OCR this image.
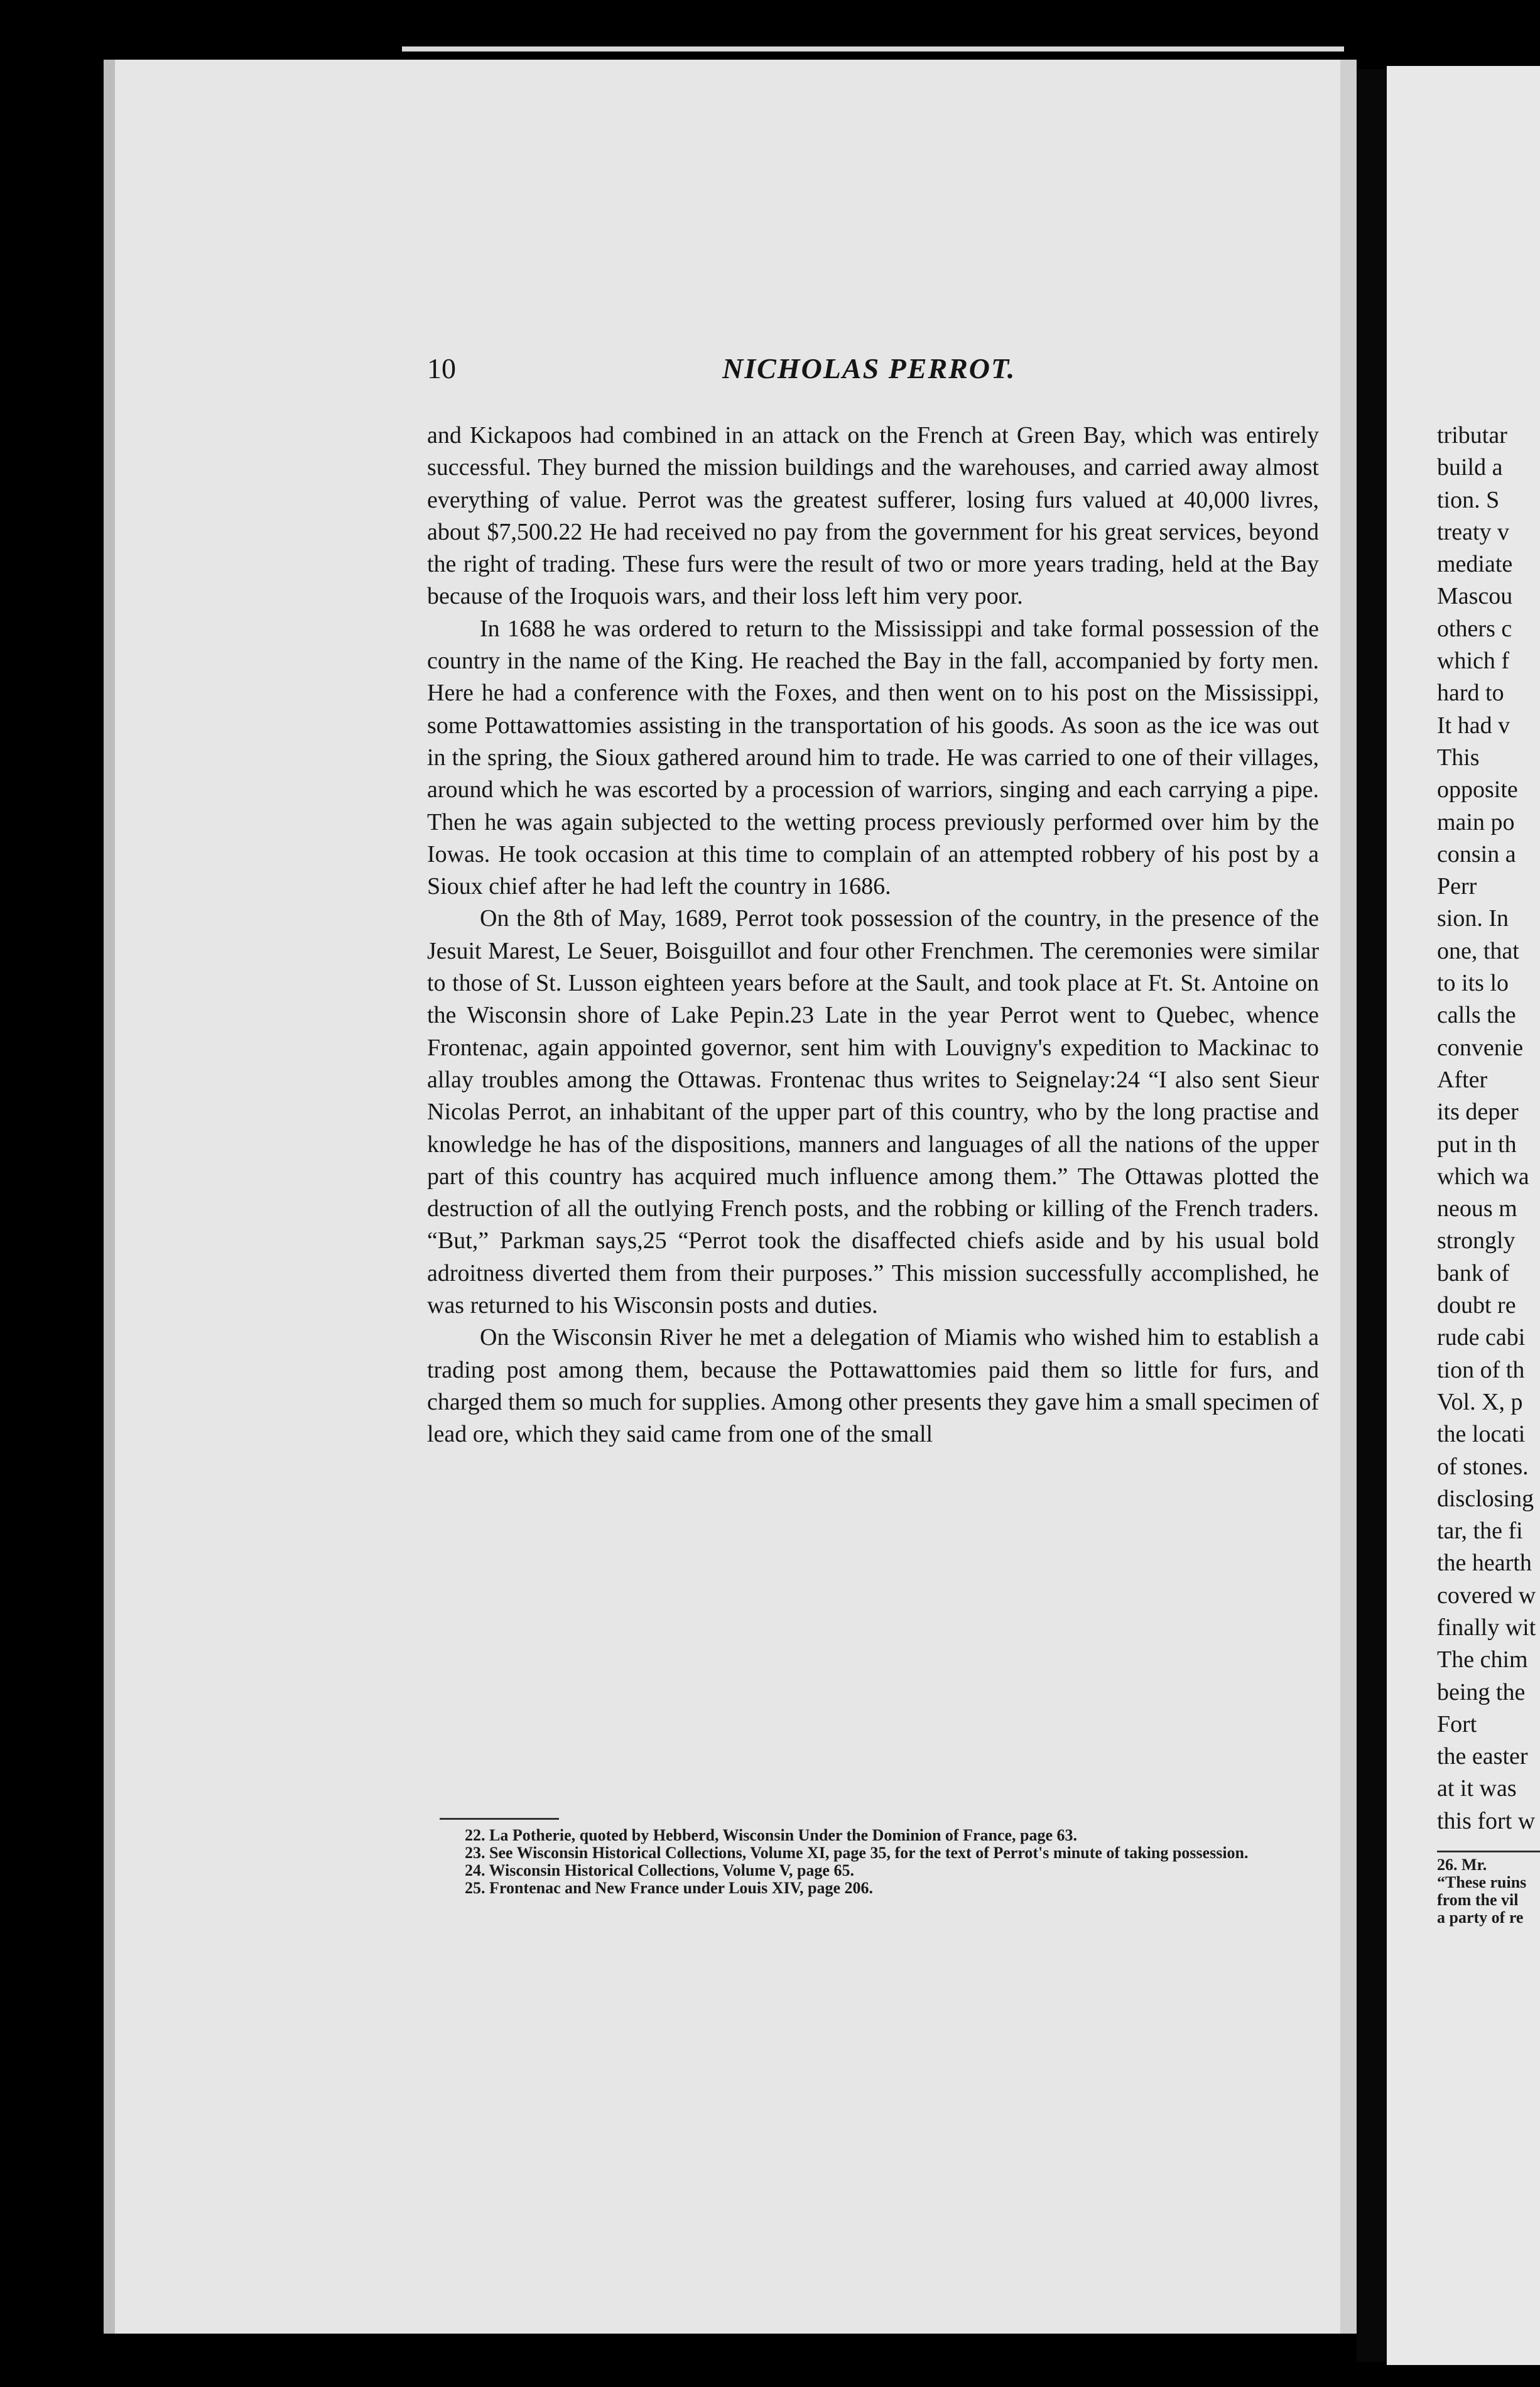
10	NICHOLAS PERROT.

and Kickapoos had combined in an attack on the French at Green Bay, which was entirely successful. They burned the mission buildings and the warehouses, and carried away almost everything of value. Perrot was the greatest sufferer, losing furs valued at 40,000 livres, about $7,500.22 He had received no pay from the government for his great services, beyond the right of trading. These furs were the result of two or more years trading, held at the Bay because of the Iroquois wars, and their loss left him very poor.

In 1688 he was ordered to return to the Mississippi and take formal possession of the country in the name of the King. He reached the Bay in the fall, accompanied by forty men. Here he had a conference with the Foxes, and then went on to his post on the Mississippi, some Pottawattomies assisting in the transportation of his goods. As soon as the ice was out in the spring, the Sioux gathered around him to trade. He was carried to one of their villages, around which he was escorted by a procession of warriors, singing and each carrying a pipe. Then he was again subjected to the wetting process previously performed over him by the Iowas. He took occasion at this time to complain of an attempted robbery of his post by a Sioux chief after he had left the country in 1686.

On the 8th of May, 1689, Perrot took possession of the country, in the presence of the Jesuit Marest, Le Seuer, Boisguillot and four other Frenchmen. The ceremonies were similar to those of St. Lusson eighteen years before at the Sault, and took place at Ft. St. Antoine on the Wisconsin shore of Lake Pepin.23 Late in the year Perrot went to Quebec, whence Frontenac, again appointed governor, sent him with Louvigny's expedition to Mackinac to allay troubles among the Ottawas. Frontenac thus writes to Seignelay:24 “I also sent Sieur Nicolas Perrot, an inhabitant of the upper part of this country, who by the long practise and knowledge he has of the dispositions, manners and languages of all the nations of the upper part of this country has acquired much influence among them.” The Ottawas plotted the destruction of all the outlying French posts, and the robbing or killing of the French traders. “But,” Parkman says,25 “Perrot took the disaffected chiefs aside and by his usual bold adroitness diverted them from their purposes.” This mission successfully accomplished, he was returned to his Wisconsin posts and duties.

On the Wisconsin River he met a delegation of Miamis who wished him to establish a trading post among them, because the Pottawattomies paid them so little for furs, and charged them so much for supplies. Among other presents they gave him a small specimen of lead ore, which they said came from one of the small

22. La Potherie, quoted by Hebberd, Wisconsin Under the Dominion of France, page 63.

23. See Wisconsin Historical Collections, Volume XI, page 35, for the text of Perrot's minute of taking possession.

24. Wisconsin Historical Collections, Volume V, page 65.

25. Frontenac and New France under Louis XIV, page 206.

tributar
build a
tion. S
treaty v
mediate
Mascou
others c
which f
hard to
It had v
This
opposite
main po
consin a
Perr
sion. In
one, that
to its lo
calls the
convenie
After
its deper
put in th
which wa
neous m
strongly
bank of
doubt re
rude cabi
tion of th
Vol. X, p
the locati
of stones.
disclosing
tar, the fi
the hearth
covered w
finally wit
The chim
being the
Fort
the easter
at it was
this fort w
26. Mr.
“These ruins
from the vil
a party of re
